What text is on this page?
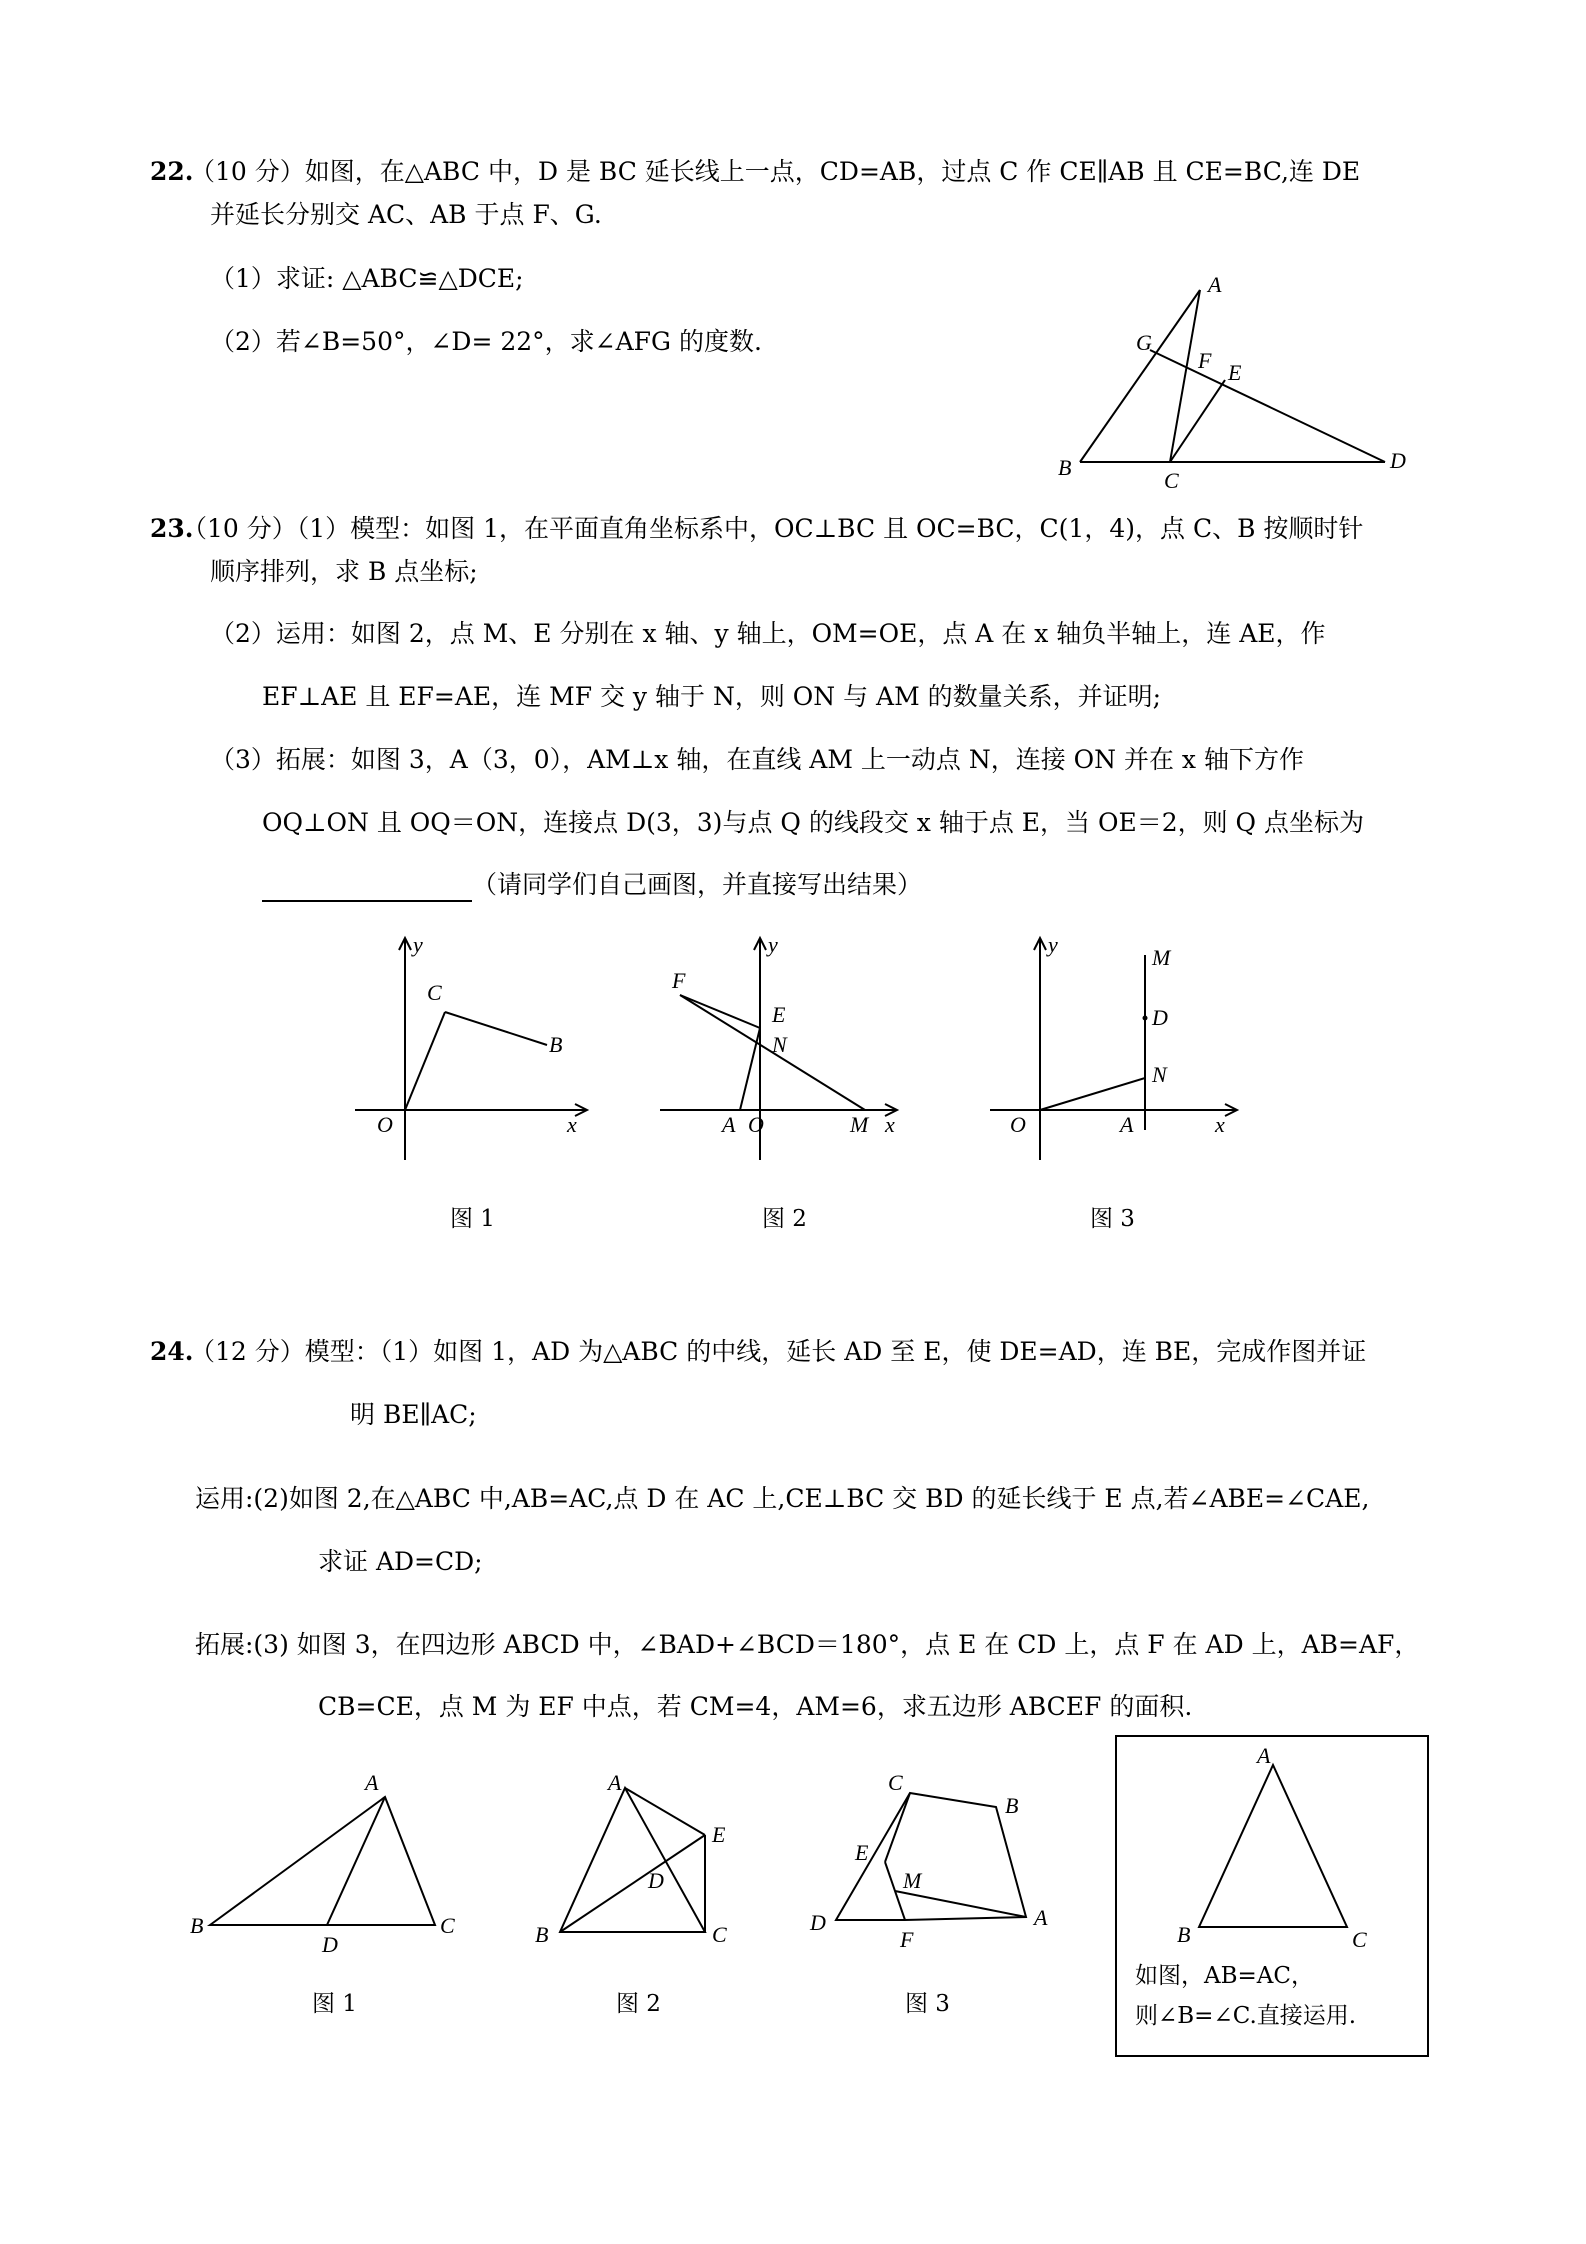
22.
（10 分）如图，在△ABC 中，D 是 BC 延长线上一点，CD=AB，过点 C 作 CE∥AB 且 CE=BC,连 DE
并延长分别交 AC、AB 于点 F、G.
（1）求证: △ABC≌△DCE;
（2）若∠B=50°，∠D= 22°，求∠AFG 的度数.
A
G
F E
B
C
D
23.
（10 分）（1）模型：如图 1，在平面直角坐标系中，OC⊥BC 且 OC=BC，C(1，4)，点 C、B 按顺时针
顺序排列，求 B 点坐标;
（2）运用：如图 2，点 M、E 分别在 x 轴、y 轴上，OM=OE，点 A 在 x 轴负半轴上，连 AE，作
EF⊥AE 且 EF=AE，连 MF 交 y 轴于 N，则 ON 与 AM 的数量关系，并证明;
（3）拓展：如图 3，A（3，0），AM⊥x 轴，在直线 AM 上一动点 N，连接 ON 并在 x 轴下方作
OQ⊥ON 且 OQ＝ON，连接点 D(3，3)与点 Q 的线段交 x 轴于点 E，当 OE＝2，则 Q 点坐标为
（请同学们自己画图，并直接写出结果）
y
C
B
O	x
图 1
y
F
E
N
A O	M x
图 2
y
M
D
N
O	A	x
图 3
24.
（12 分）模型：（1）如图 1，AD 为△ABC 的中线，延长 AD 至 E，使 DE=AD，连 BE，完成作图并证
明 BE∥AC;
运用:(2)如图 2,在△ABC 中,AB=AC,点 D 在 AC 上,CE⊥BC 交 BD 的延长线于 E 点,若∠ABE=∠CAE,
求证 AD=CD;
拓展:(3) 如图 3，在四边形 ABCD 中，∠BAD+∠BCD＝180°，点 E 在 CD 上，点 F 在 AD 上，AB=AF，
CB=CE，点 M 为 EF 中点，若 CM=4，AM=6，求五边形 ABCEF 的面积.
A
B
D
C
图 1
A
E
D
B	C
图 2
C
B
E
M
D	A
F
图 3
A
B	C
如图，AB=AC，
则∠B=∠C.直接运用.
